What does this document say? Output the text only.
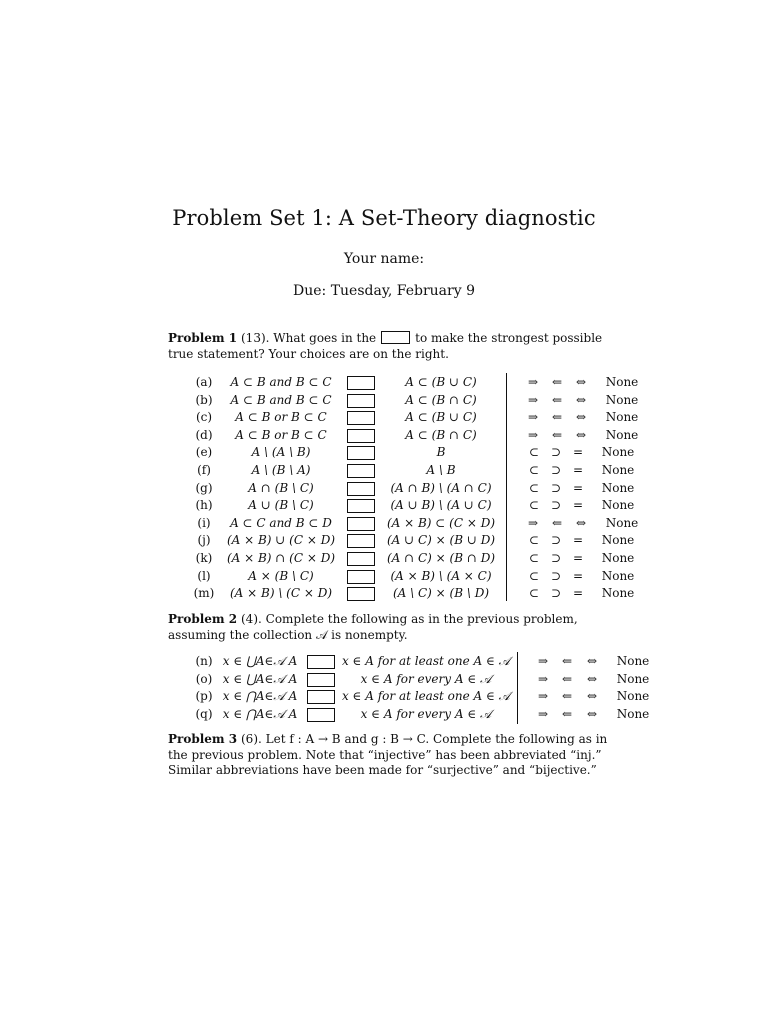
Problem Set 1: A Set-Theory diagnostic
Your name:
Due: Tuesday, February 9
Problem 1 (13). What goes in the	to make the strongest possible true statement? Your choices are on the right.
(a)	A ⊂ B and B ⊂ C	A ⊂ (B ∪ C)	⇒	⇐	⇔	None
(b)	A ⊂ B and B ⊂ C	A ⊂ (B ∩ C)	⇒	⇐	⇔	None
(c)	A ⊂ B or B ⊂ C	A ⊂ (B ∪ C)	⇒	⇐	⇔	None
(d)	A ⊂ B or B ⊂ C	A ⊂ (B ∩ C)	⇒	⇐	⇔	None
(e)	A \ (A \ B)	B	⊂ ⊃ =	None
(f)	A \ (B \ A)	A \ B	⊂ ⊃ =	None
(g)	A ∩ (B \ C)	(A ∩ B) \ (A ∩ C)	⊂ ⊃ =	None
(h)	A ∪ (B \ C)	(A ∪ B) \ (A ∪ C)	⊂ ⊃ =	None
(i)	A ⊂ C and B ⊂ D	(A × B) ⊂ (C × D)	⇒	⇐	⇔	None
(j)	(A × B) ∪ (C × D)	(A ∪ C) × (B ∪ D)	⊂ ⊃ =	None
(k)	(A × B) ∩ (C × D)	(A ∩ C) × (B ∩ D)	⊂ ⊃ =	None
(l)	A × (B \ C)	(A × B) \ (A × C)	⊂ ⊃ =	None
(m)	(A × B) \ (C × D)	(A \ C) × (B \ D)	⊂ ⊃ =	None
Problem 2 (4). Complete the following as in the previous problem, assuming the collection 𝒜 is nonempty.
(n) x ∈ ⋃A∈𝒜 A	x ∈ A for at least one A ∈ 𝒜	⇒	⇐	⇔	None
(o) x ∈ ⋃A∈𝒜 A	x ∈ A for every A ∈ 𝒜	⇒	⇐	⇔	None
(p) x ∈ ⋂A∈𝒜 A	x ∈ A for at least one A ∈ 𝒜	⇒	⇐	⇔	None
(q) x ∈ ⋂A∈𝒜 A	x ∈ A for every A ∈ 𝒜	⇒	⇐	⇔	None
Problem 3 (6). Let f : A → B and g : B → C. Complete the following as in the previous problem. Note that “injective” has been abbreviated “inj.” Similar abbreviations have been made for “surjective” and “bijective.”
